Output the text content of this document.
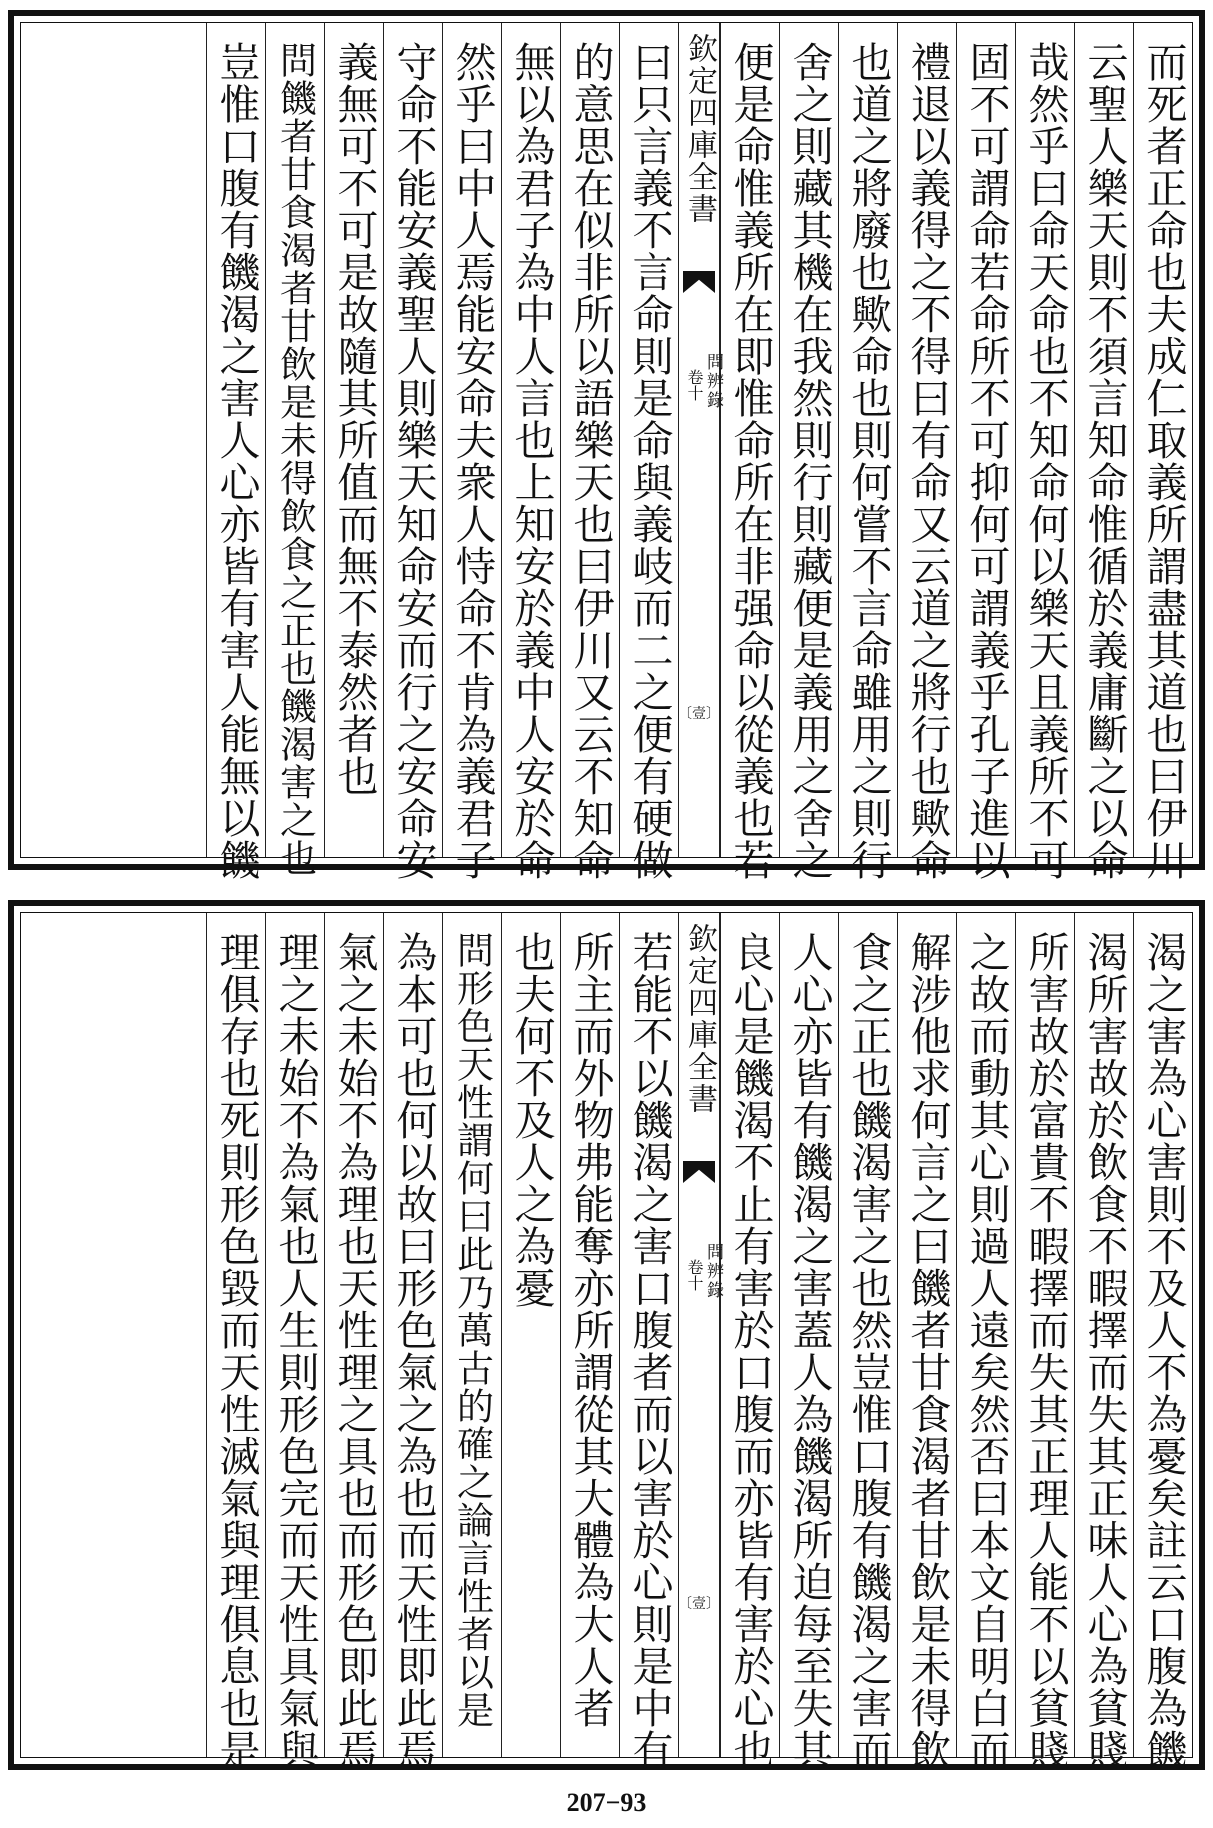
而死者正命也夫成仁取義所謂盡其道也曰伊川
云聖人樂天則不須言知命惟循於義庸斷之以命
哉然乎曰命天命也不知命何以樂天且義所不可
固不可謂命若命所不可抑何可謂義乎孔子進以
禮退以義得之不得曰有命又云道之將行也歟命
也道之將廢也歟命也則何嘗不言命雖用之則行
舍之則藏其機在我然則行則藏便是義用之舍之
便是命惟義所在即惟命所在非强命以從義也若
欽定四庫全書
問辨錄
卷十
〔壹〕
曰只言義不言命則是命與義岐而二之便有硬做
的意思在似非所以語樂天也曰伊川又云不知命
無以為君子為中人言也上知安於義中人安於命
然乎曰中人焉能安命夫衆人恃命不肯為義君子
守命不能安義聖人則樂天知命安而行之安命安
義無可不可是故隨其所值而無不泰然者也
問饑者甘食渴者甘飲是未得飲食之正也饑渴害之也
豈惟口腹有饑渴之害人心亦皆有害人能無以饑
渴之害為心害則不及人不為憂矣註云口腹為饑
渴所害故於飲食不暇擇而失其正味人心為貧賤
所害故於富貴不暇擇而失其正理人能不以貧賤
之故而動其心則過人遠矣然否曰本文自明白而
解涉他求何言之曰饑者甘食渴者甘飲是未得飲
食之正也饑渴害之也然豈惟口腹有饑渴之害而
人心亦皆有饑渴之害蓋人為饑渴所迫每至失其
良心是饑渴不止有害於口腹而亦皆有害於心也
欽定四庫全書
問辨錄
卷十
〔壹〕
若能不以饑渴之害口腹者而以害於心則是中有
所主而外物弗能奪亦所謂從其大體為大人者
也夫何不及人之為憂
問形色天性謂何曰此乃萬古的確之論言性者以是
為本可也何以故曰形色氣之為也而天性即此焉
氣之未始不為理也天性理之具也而形色即此焉
理之未始不為氣也人生則形色完而天性具氣與
理俱存也死則形色毀而天性滅氣與理俱息也是
207−93
